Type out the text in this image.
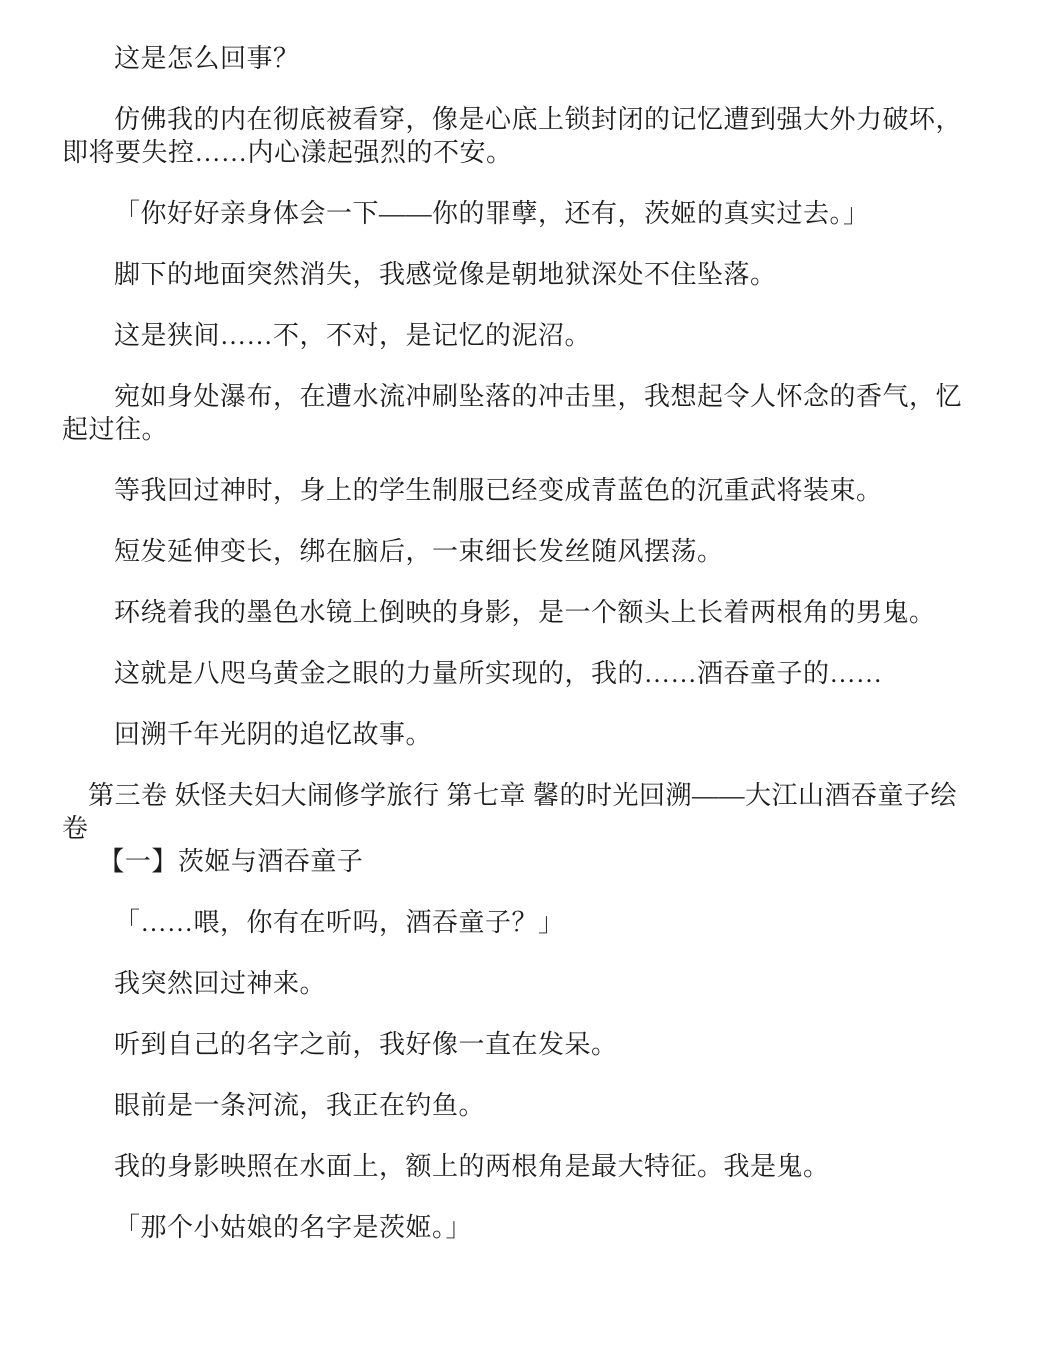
这是怎么回事？

仿佛我的内在彻底被看穿，像是心底上锁封闭的记忆遭到强大外力破坏，即将要失控……内心漾起强烈的不安。

「你好好亲身体会一下——你的罪孽，还有，茨姬的真实过去。」

脚下的地面突然消失，我感觉像是朝地狱深处不住坠落。

这是狭间……不，不对，是记忆的泥沼。

宛如身处瀑布，在遭水流冲刷坠落的冲击里，我想起令人怀念的香气，忆起过往。

等我回过神时，身上的学生制服已经变成青蓝色的沉重武将装束。

短发延伸变长，绑在脑后，一束细长发丝随风摆荡。

环绕着我的墨色水镜上倒映的身影，是一个额头上长着两根角的男鬼。

这就是八咫乌黄金之眼的力量所实现的，我的……酒吞童子的……

回溯千年光阴的追忆故事。

第三卷 妖怪夫妇大闹修学旅行 第七章 馨的时光回溯——大江山酒吞童子绘卷

【一】茨姬与酒吞童子

「……喂，你有在听吗，酒吞童子？」

我突然回过神来。

听到自己的名字之前，我好像一直在发呆。

眼前是一条河流，我正在钓鱼。

我的身影映照在水面上，额上的两根角是最大特征。我是鬼。

「那个小姑娘的名字是茨姬。」
